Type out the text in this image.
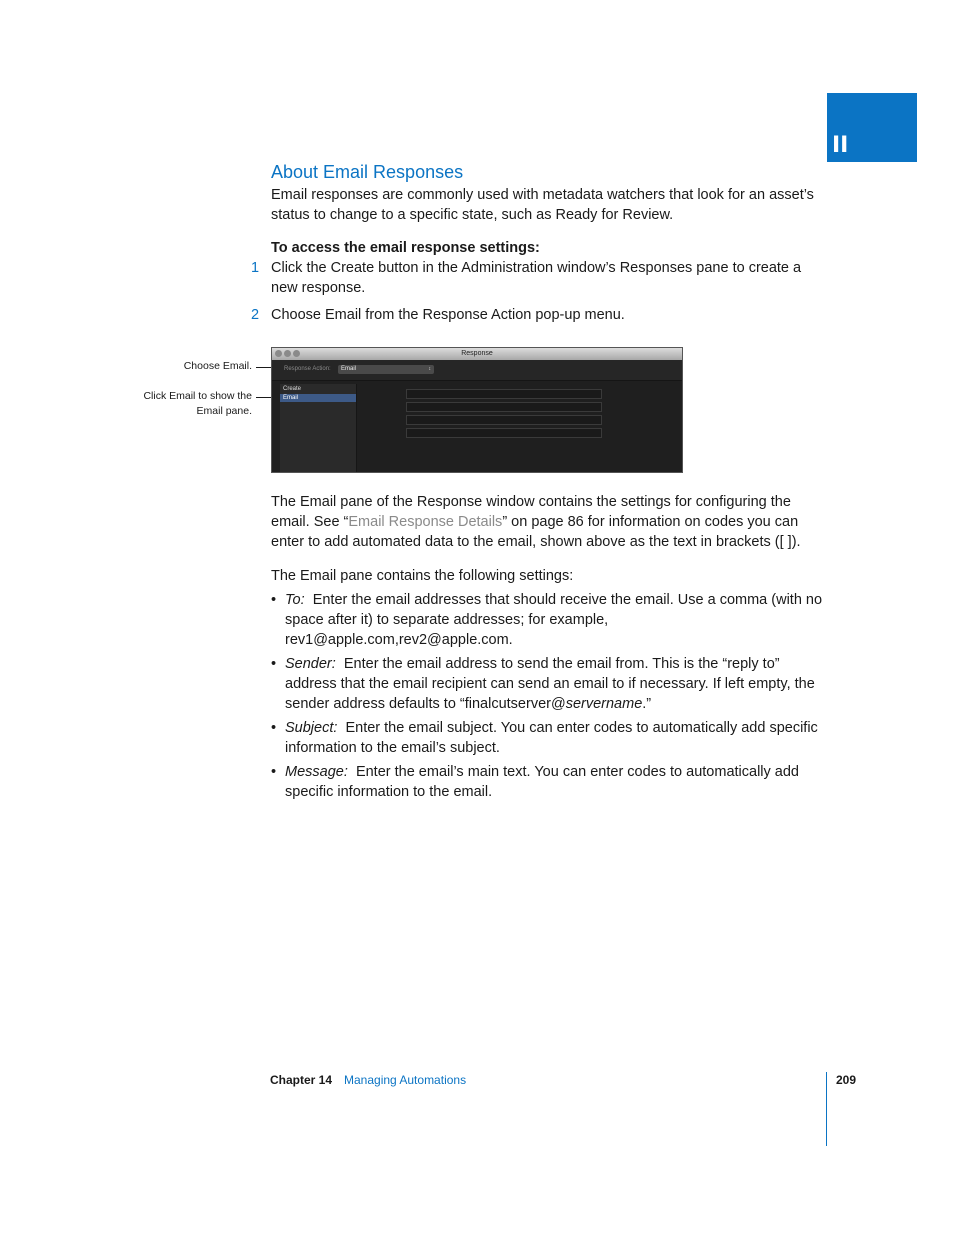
II
About Email Responses

Email responses are commonly used with metadata watchers that look for an asset’s status to change to a specific state, such as Ready for Review.

To access the email response settings:

1 Click the Create button in the Administration window’s Responses pane to create a new response.

2 Choose Email from the Response Action pop-up menu.

Choose Email.
Click Email to show the
Email pane.
Response
Response Action:	Email	↕
Create
Email

The Email pane of the Response window contains the settings for configuring the email. See “Email Response Details” on page 86 for information on codes you can enter to add automated data to the email, shown above as the text in brackets ([ ]).

The Email pane contains the following settings:

• To: Enter the email addresses that should receive the email. Use a comma (with no space after it) to separate addresses; for example, rev1@apple.com,rev2@apple.com.
• Sender: Enter the email address to send the email from. This is the “reply to” address that the email recipient can send an email to if necessary. If left empty, the sender address defaults to “finalcutserver@servername.”
• Subject: Enter the email subject. You can enter codes to automatically add specific information to the email’s subject.
• Message: Enter the email’s main text. You can enter codes to automatically add specific information to the email.
Chapter 14 Managing Automations	209
